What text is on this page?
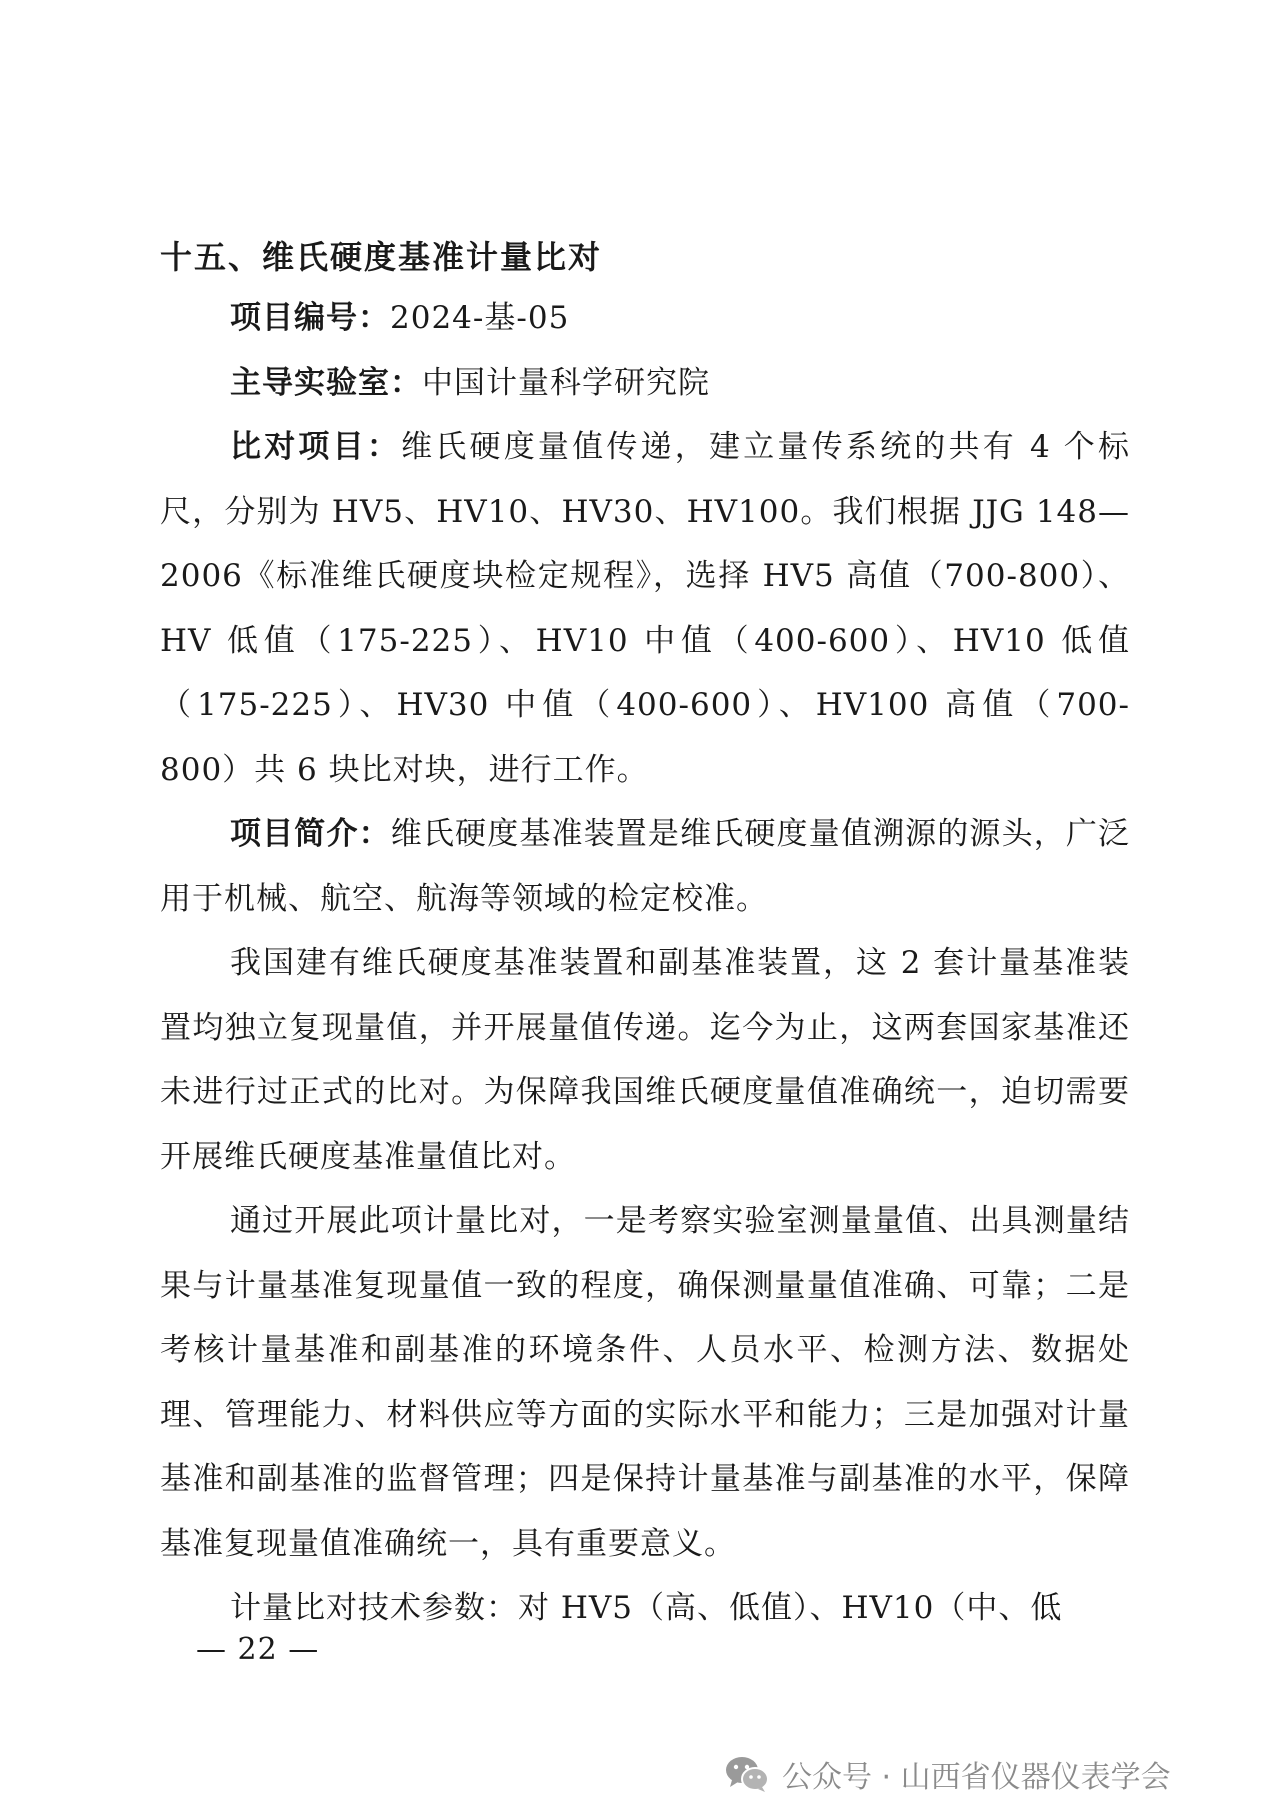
十五、维氏硬度基准计量比对

项目编号：2024-基-05

主导实验室：中国计量科学研究院

比对项目：维氏硬度量值传递，建立量传系统的共有 4 个标尺，分别为 HV5、HV10、HV30、HV100。我们根据 JJG 148—2006《标准维氏硬度块检定规程》，选择 HV5 高值（700-800）、HV 低值（175-225）、HV10 中值（400-600）、HV10 低值（175-225）、HV30 中值（400-600）、HV100 高值（700-800）共 6 块比对块，进行工作。

项目简介：维氏硬度基准装置是维氏硬度量值溯源的源头，广泛用于机械、航空、航海等领域的检定校准。

我国建有维氏硬度基准装置和副基准装置，这 2 套计量基准装置均独立复现量值，并开展量值传递。迄今为止，这两套国家基准还未进行过正式的比对。为保障我国维氏硬度量值准确统一，迫切需要开展维氏硬度基准量值比对。

通过开展此项计量比对，一是考察实验室测量量值、出具测量结果与计量基准复现量值一致的程度，确保测量量值准确、可靠；二是考核计量基准和副基准的环境条件、人员水平、检测方法、数据处理、管理能力、材料供应等方面的实际水平和能力；三是加强对计量基准和副基准的监督管理；四是保持计量基准与副基准的水平，保障基准复现量值准确统一，具有重要意义。

计量比对技术参数：对 HV5（高、低值）、HV10（中、低

— 22 —
公众号 · 山西省仪器仪表学会
